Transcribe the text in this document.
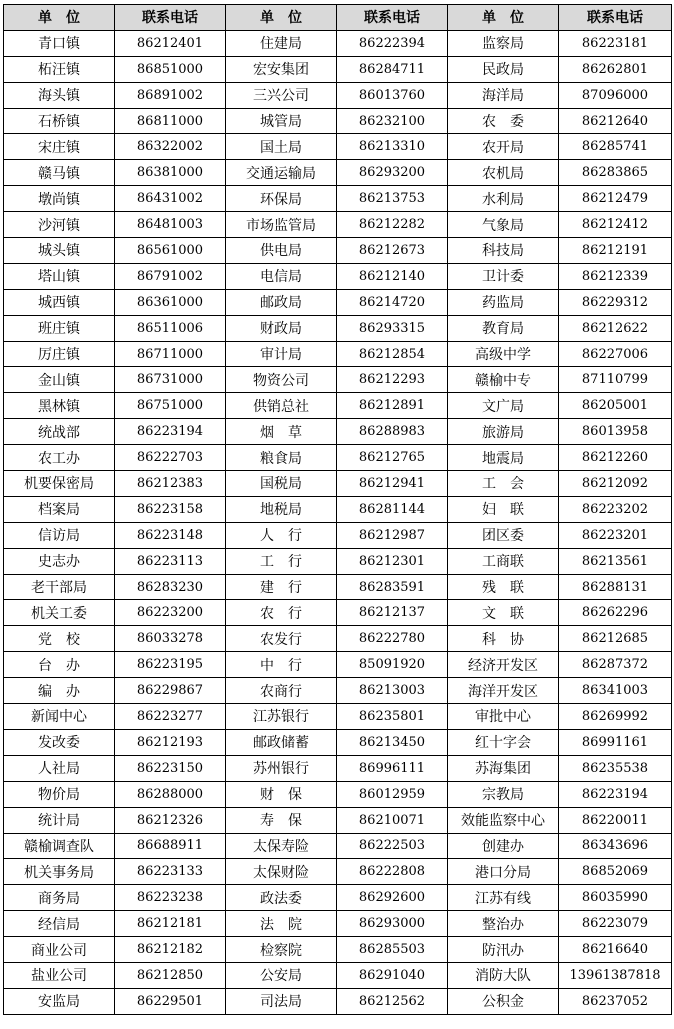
单　位	联系电话	单　位	联系电话	单　位	联系电话
青口镇	86212401	住建局	86222394	监察局	86223181
柘汪镇	86851000	宏安集团	86284711	民政局	86262801
海头镇	86891002	三兴公司	86013760	海洋局	87096000
石桥镇	86811000	城管局	86232100	农　委	86212640
宋庄镇	86322002	国土局	86213310	农开局	86285741
赣马镇	86381000	交通运输局	86293200	农机局	86283865
墩尚镇	86431002	环保局	86213753	水利局	86212479
沙河镇	86481003	市场监管局	86212282	气象局	86212412
城头镇	86561000	供电局	86212673	科技局	86212191
塔山镇	86791002	电信局	86212140	卫计委	86212339
城西镇	86361000	邮政局	86214720	药监局	86229312
班庄镇	86511006	财政局	86293315	教育局	86212622
厉庄镇	86711000	审计局	86212854	高级中学	86227006
金山镇	86731000	物资公司	86212293	赣榆中专	87110799
黑林镇	86751000	供销总社	86212891	文广局	86205001
统战部	86223194	烟　草	86288983	旅游局	86013958
农工办	86222703	粮食局	86212765	地震局	86212260
机要保密局	86212383	国税局	86212941	工　会	86212092
档案局	86223158	地税局	86281144	妇　联	86223202
信访局	86223148	人　行	86212987	团区委	86223201
史志办	86223113	工　行	86212301	工商联	86213561
老干部局	86283230	建　行	86283591	残　联	86288131
机关工委	86223200	农　行	86212137	文　联	86262296
党　校	86033278	农发行	86222780	科　协	86212685
台　办	86223195	中　行	85091920	经济开发区	86287372
编　办	86229867	农商行	86213003	海洋开发区	86341003
新闻中心	86223277	江苏银行	86235801	审批中心	86269992
发改委	86212193	邮政储蓄	86213450	红十字会	86991161
人社局	86223150	苏州银行	86996111	苏海集团	86235538
物价局	86288000	财　保	86012959	宗教局	86223194
统计局	86212326	寿　保	86210071	效能监察中心	86220011
赣榆调查队	86688911	太保寿险	86222503	创建办	86343696
机关事务局	86223133	太保财险	86222808	港口分局	86852069
商务局	86223238	政法委	86292600	江苏有线	86035990
经信局	86212181	法　院	86293000	整治办	86223079
商业公司	86212182	检察院	86285503	防汛办	86216640
盐业公司	86212850	公安局	86291040	消防大队	13961387818
安监局	86229501	司法局	86212562	公积金	86237052
